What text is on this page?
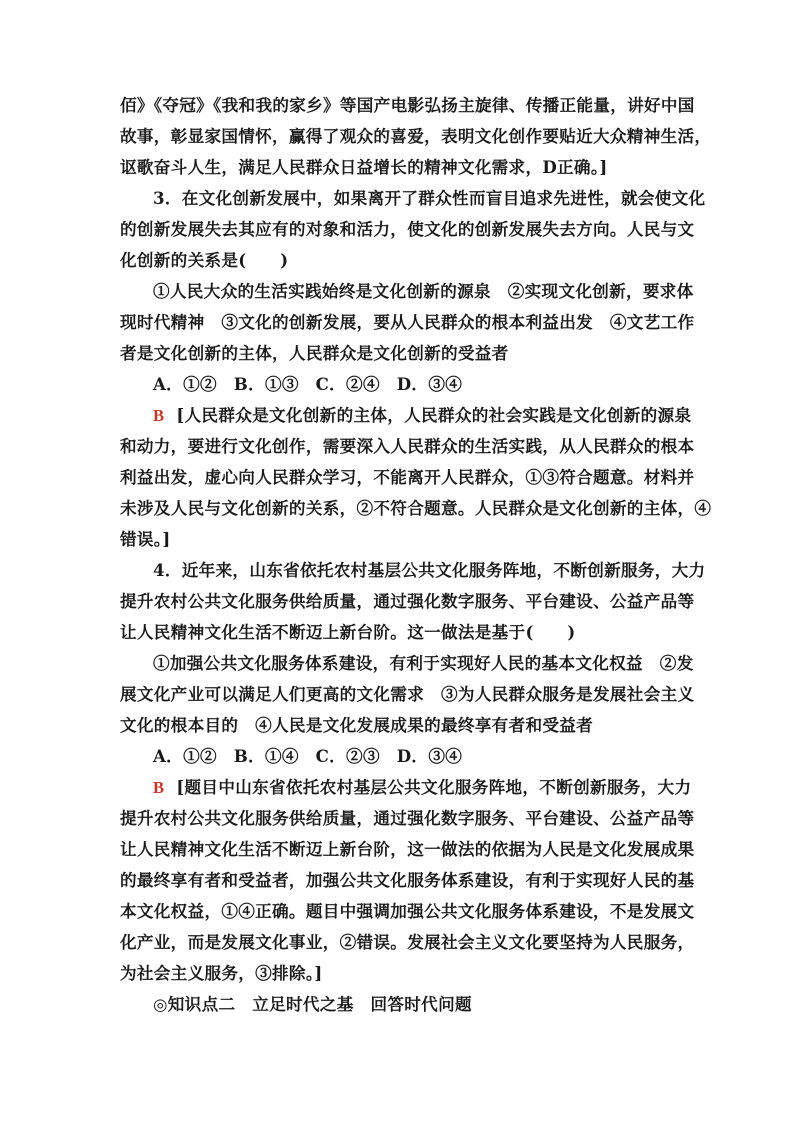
佰》《夺冠》《我和我的家乡》等国产电影弘扬主旋律、传播正能量，讲好中国
故事，彰显家国情怀，赢得了观众的喜爱，表明文化创作要贴近大众精神生活，
讴歌奋斗人生，满足人民群众日益增长的精神文化需求，D正确。]
3．在文化创新发展中，如果离开了群众性而盲目追求先进性，就会使文化
的创新发展失去其应有的对象和活力，使文化的创新发展失去方向。人民与文
化创新的关系是(　　)
①人民大众的生活实践始终是文化创新的源泉　②实现文化创新，要求体
现时代精神　③文化的创新发展，要从人民群众的根本利益出发　④文艺工作
者是文化创新的主体，人民群众是文化创新的受益者
A．①②　B．①③　C．②④　D．③④
B [人民群众是文化创新的主体，人民群众的社会实践是文化创新的源泉
和动力，要进行文化创作，需要深入人民群众的生活实践，从人民群众的根本
利益出发，虚心向人民群众学习，不能离开人民群众，①③符合题意。材料并
未涉及人民与文化创新的关系，②不符合题意。人民群众是文化创新的主体，④
错误。]
4．近年来，山东省依托农村基层公共文化服务阵地，不断创新服务，大力
提升农村公共文化服务供给质量，通过强化数字服务、平台建设、公益产品等
让人民精神文化生活不断迈上新台阶。这一做法是基于(　　)
①加强公共文化服务体系建设，有利于实现好人民的基本文化权益　②发
展文化产业可以满足人们更高的文化需求　③为人民群众服务是发展社会主义
文化的根本目的　④人民是文化发展成果的最终享有者和受益者
A．①②　B．①④　C．②③　D．③④
B [题目中山东省依托农村基层公共文化服务阵地，不断创新服务，大力
提升农村公共文化服务供给质量，通过强化数字服务、平台建设、公益产品等
让人民精神文化生活不断迈上新台阶，这一做法的依据为人民是文化发展成果
的最终享有者和受益者，加强公共文化服务体系建设，有利于实现好人民的基
本文化权益，①④正确。题目中强调加强公共文化服务体系建设，不是发展文
化产业，而是发展文化事业，②错误。发展社会主义文化要坚持为人民服务，
为社会主义服务，③排除。]
◎知识点二　立足时代之基　回答时代问题
